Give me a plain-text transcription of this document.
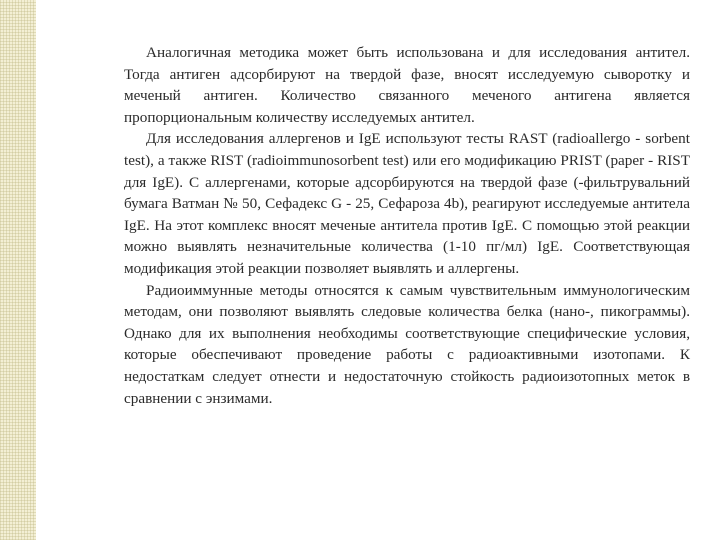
Аналогичная методика может быть использована и для исследования антител. Тогда антиген адсорбируют на твердой фазе, вносят исследуемую сыворотку и меченый антиген. Количество связанного меченого антигена является пропорциональным количеству исследуемых антител.

Для исследования аллергенов и IgE используют тесты RAST (radioallergo - sorbent test), а также RIST (radioimmunosorbent test) или его модификацию PRIST (paper - RIST для IgE). С аллергенами, которые адсорбируются на твердой фазе (-фильтрувальний бумага Ватман № 50, Сефадекс G - 25, Сефароза 4b), реагируют исследуемые антитела IgE. На этот комплекс вносят меченые антитела против IgE. С помощью этой реакции можно выявлять незначительные количества (1-10 пг/мл) IgE. Соответствующая модификация этой реакции позволяет выявлять и аллергены.

Радиоиммунные методы относятся к самым чувствительным иммунологическим методам, они позволяют выявлять следовые количества белка (нано-, пикограммы). Однако для их выполнения необходимы соответствующие специфические условия, которые обеспечивают проведение работы с радиоактивными изотопами. К недостаткам следует отнести и недостаточную стойкость радиоизотопных меток в сравнении с энзимами.
